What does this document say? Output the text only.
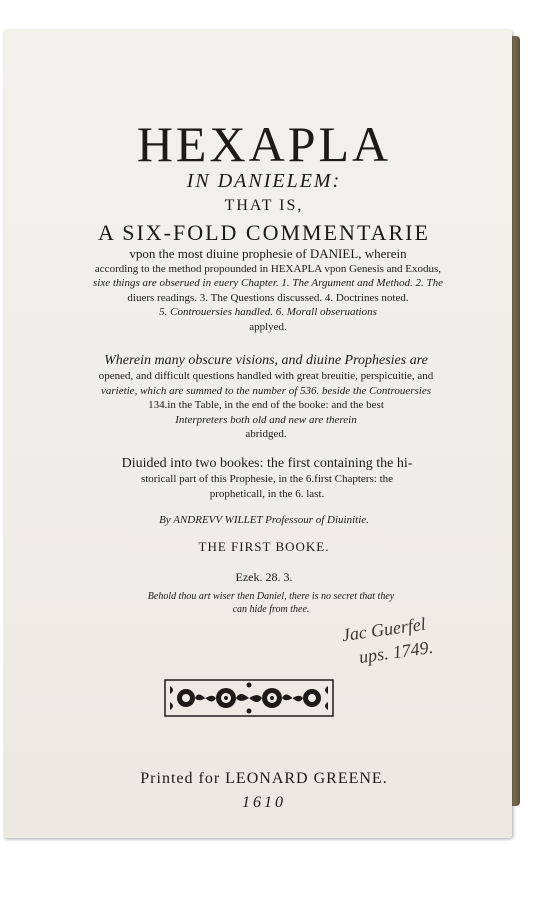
HEXAPLA
IN DANIELEM:
THAT IS,
A SIX-FOLD COMMENTARIE
vpon the most diuine prophesie of DANIEL, wherein
according to the method propounded in HEXAPLA vpon Genesis and Exodus,
sixe things are obserued in euery Chapter. 1. The Argument and Method. 2. The
diuers readings. 3. The Questions discussed. 4. Doctrines noted.
5. Controuersies handled. 6. Morall obseruations
applyed.
Wherein many obscure visions, and diuine Prophesies are
opened, and difficult questions handled with great breuitie, perspicuitie, and
varietie, which are summed to the number of 536. beside the Controuersies
134.in the Table, in the end of the booke: and the best
Interpreters both old and new are therein
abridged.
Diuided into two bookes: the first containing the hi-
storicall part of this Prophesie, in the 6.first Chapters: the
propheticall, in the 6. last.
By ANDREVV WILLET Professour of Diuinitie.
THE FIRST BOOKE.
Ezek. 28. 3.
Behold thou art wiser then Daniel, there is no secret that they
can hide from thee.
Jac Guerfel
ups. 1749.
Printed for LEONARD GREENE.
1610
